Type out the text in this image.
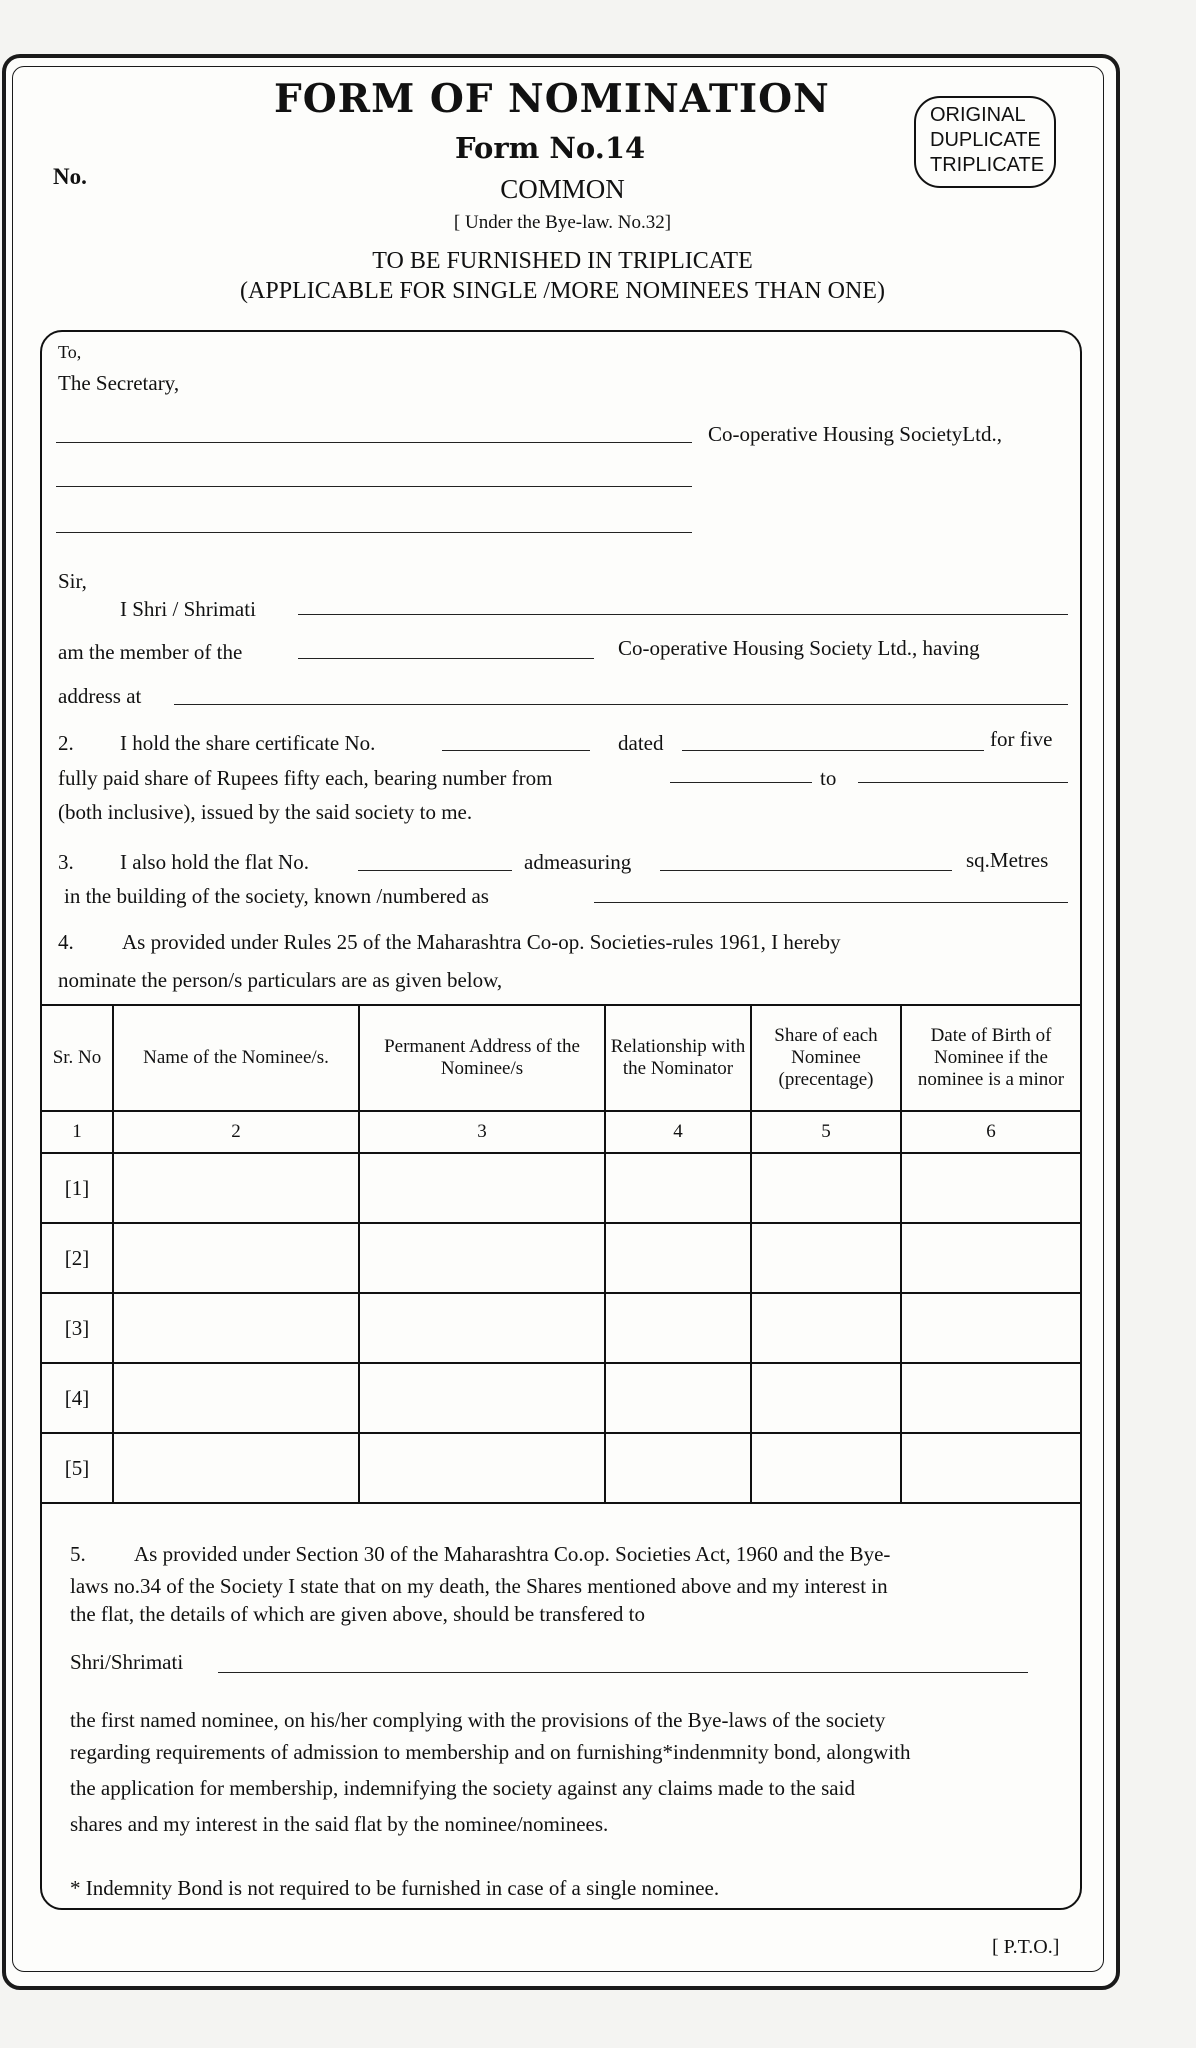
FORM OF NOMINATION
Form No.14
No.
ORIGINAL
DUPLICATE
TRIPLICATE
COMMON
[ Under the Bye-law. No.32]
TO BE FURNISHED IN TRIPLICATE
(APPLICABLE FOR SINGLE /MORE NOMINEES THAN ONE)
To,
The Secretary,
Co-operative Housing SocietyLtd.,
Sir,
I Shri / Shrimati
am the member of the	Co-operative Housing Society Ltd., having
address at
2. I hold the share certificate No.	dated	for five
fully paid share of Rupees fifty each, bearing number from	to
(both inclusive), issued by the said society to me.
3. I also hold the flat No.	admeasuring	sq.Metres
in the building of the society, known /numbered as
4. As provided under Rules 25 of the Maharashtra Co-op. Societies-rules 1961, I hereby
nominate the person/s particulars are as given below,
Sr. No	Name of the Nominee/s.	Permanent Address of the Nominee/s	Relationship with the Nominator	Share of each Nominee (precentage)	Date of Birth of Nominee if the nominee is a minor
1	2	3	4	5	6
[1]					
[2]					
[3]					
[4]					
[5]					
5. As provided under Section 30 of the Maharashtra Co.op. Societies Act, 1960 and the Bye-
laws no.34 of the Society I state that on my death, the Shares mentioned above and my interest in
the flat, the details of which are given above, should be transfered to
Shri/Shrimati
the first named nominee, on his/her complying with the provisions of the Bye-laws of the society
regarding requirements of admission to membership and on furnishing*indenmnity bond, alongwith
the application for membership, indemnifying the society against any claims made to the said
shares and my interest in the said flat by the nominee/nominees.
* Indemnity Bond is not required to be furnished in case of a single nominee.
[ P.T.O.]
